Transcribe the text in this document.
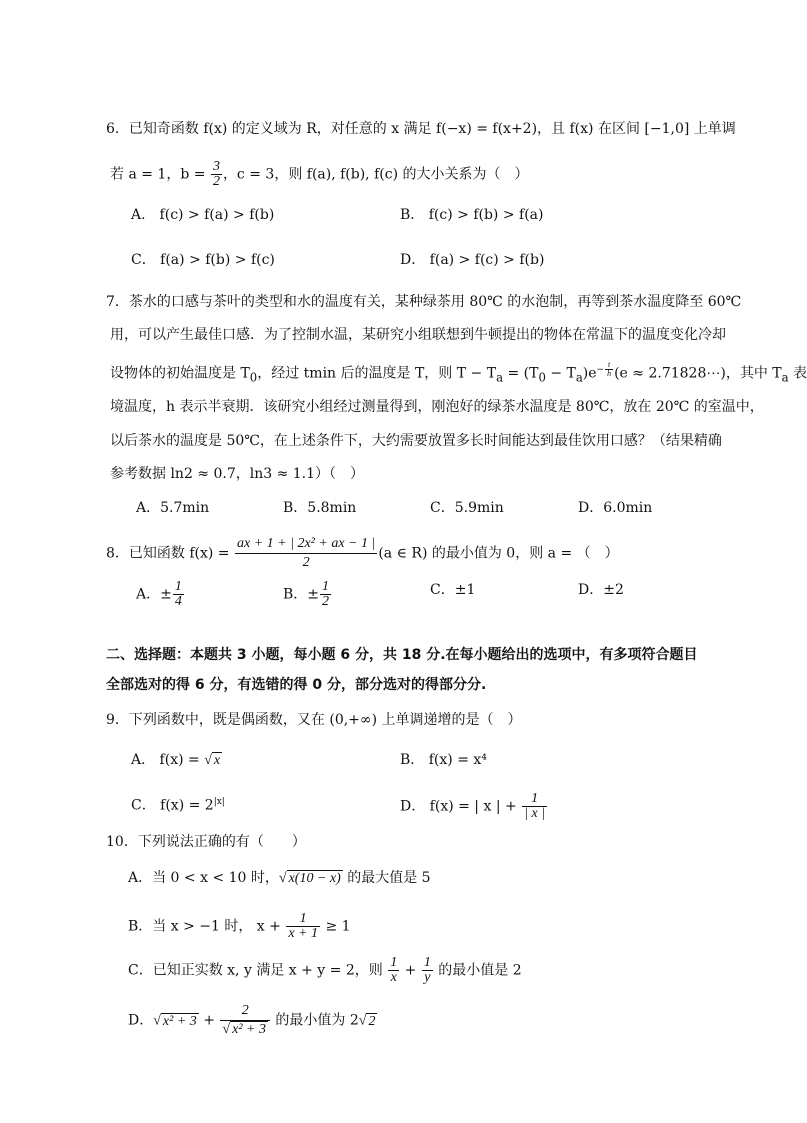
6．已知奇函数 f(x) 的定义域为 R，对任意的 x 满足 f(−x) = f(x+2)，且 f(x) 在区间 [−1,0] 上单调
若 a = 1，$b = \frac{3}{2}$ ，c = 3，则 f(a), f(b), f(c) 的大小关系为（　）
A． f(c) > f(a) > f(b)	B． f(c) > f(b) > f(a)
C． f(a) > f(b) > f(c)	D． f(a) > f(c) > f(b)
7．茶水的口感与茶叶的类型和水的温度有关，某种绿茶用 80℃ 的水泡制，再等到茶水温度降至 60℃
用，可以产生最佳口感．为了控制水温，某研究小组联想到牛顿提出的物体在常温下的温度变化冷却
设物体的初始温度是 $T_0$，经过 tmin 后的温度是 T，则 $T - T_a = (T_0 - T_a)e^{- \frac{t}{h}}$ (e ≈ 2.71828⋯)，其中 $T_a$ 表
境温度，h 表示半衰期．该研究小组经过测量得到，刚泡好的绿茶水温度是 80℃，放在 20℃ 的室温中，
以后茶水的温度是 50℃，在上述条件下，大约需要放置多长时间能达到最佳饮用口感？（结果精确
参考数据 ln2 ≈ 0.7，ln3 ≈ 1.1）（　）
A．5.7min	B．5.8min	C．5.9min	D．6.0min
8．已知函数 $f(x) = \frac{\text{ax + 1 + | 2x² + ax − 1 |}}{2} (a$ ∈ R) 的最小值为 0，则 a = （　）
A．± $\frac{1}{4}$	B．± $\frac{1}{2}$	C．±1	D．±2
二、选择题：本题共 3 小题，每小题 6 分，共 18 分.在每小题给出的选项中，有多项符合题目
全部选对的得 6 分，有选错的得 0 分，部分选对的得部分分.
9．下列函数中，既是偶函数，又在 (0,+∞) 上单调递增的是（　）
A． f(x) = √ x	B． f(x) = x⁴
C． $f(x) = 2^{|x|}$	D． f(x) = | x | + $\frac{1}{| x |}$
10．下列说法正确的有（　　）
A．当 0 < x < 10 时，√ x(10 − x) 的最大值是 5
B．当 x > −1 时， $x + \frac{1}{x + 1} \ge 1$
C．已知正实数 x, y 满足 x + y = 2，则 $\frac{1}{x} + \frac{1}{y}$ 的最小值是 2
D．√ $x^2 + 3 + \frac{2}{\text{√ x² + 3}}$ 的最小值为 2√ 2
